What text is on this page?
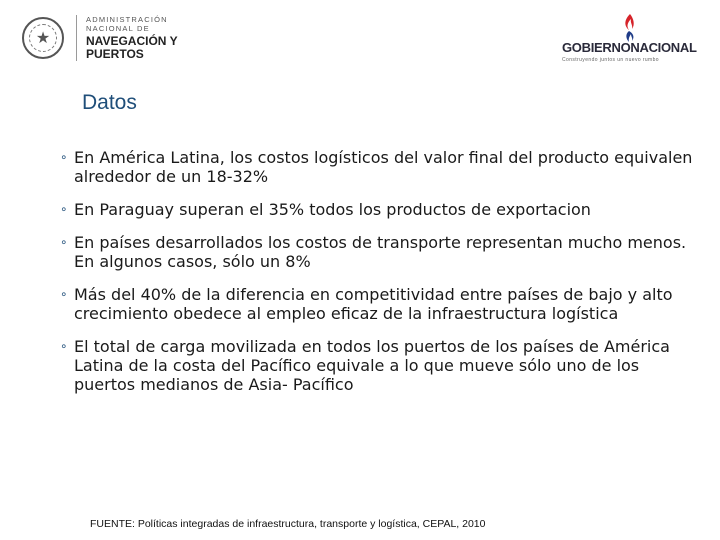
★
ADMINISTRACIÓN
NACIONAL DE
NAVEGACIÓN Y
PUERTOS	GOBIERNONACIONAL
Construyendo juntos un nuevo rumbo
Datos
∘ En América Latina, los costos logísticos del valor final del producto equivalen alrededor de un 18-32%
∘ En Paraguay superan el 35% todos los productos de exportacion
∘ En países desarrollados los costos de transporte representan mucho menos. En algunos casos, sólo un 8%
∘ Más del 40% de la diferencia en competitividad entre países de bajo y alto crecimiento obedece al empleo eficaz de la infraestructura logística
∘ El total de carga movilizada en todos los puertos de los países de América Latina de la costa del Pacífico equivale a lo que mueve sólo uno de los puertos medianos de Asia- Pacífico
FUENTE: Políticas integradas de infraestructura, transporte y logística, CEPAL, 2010
